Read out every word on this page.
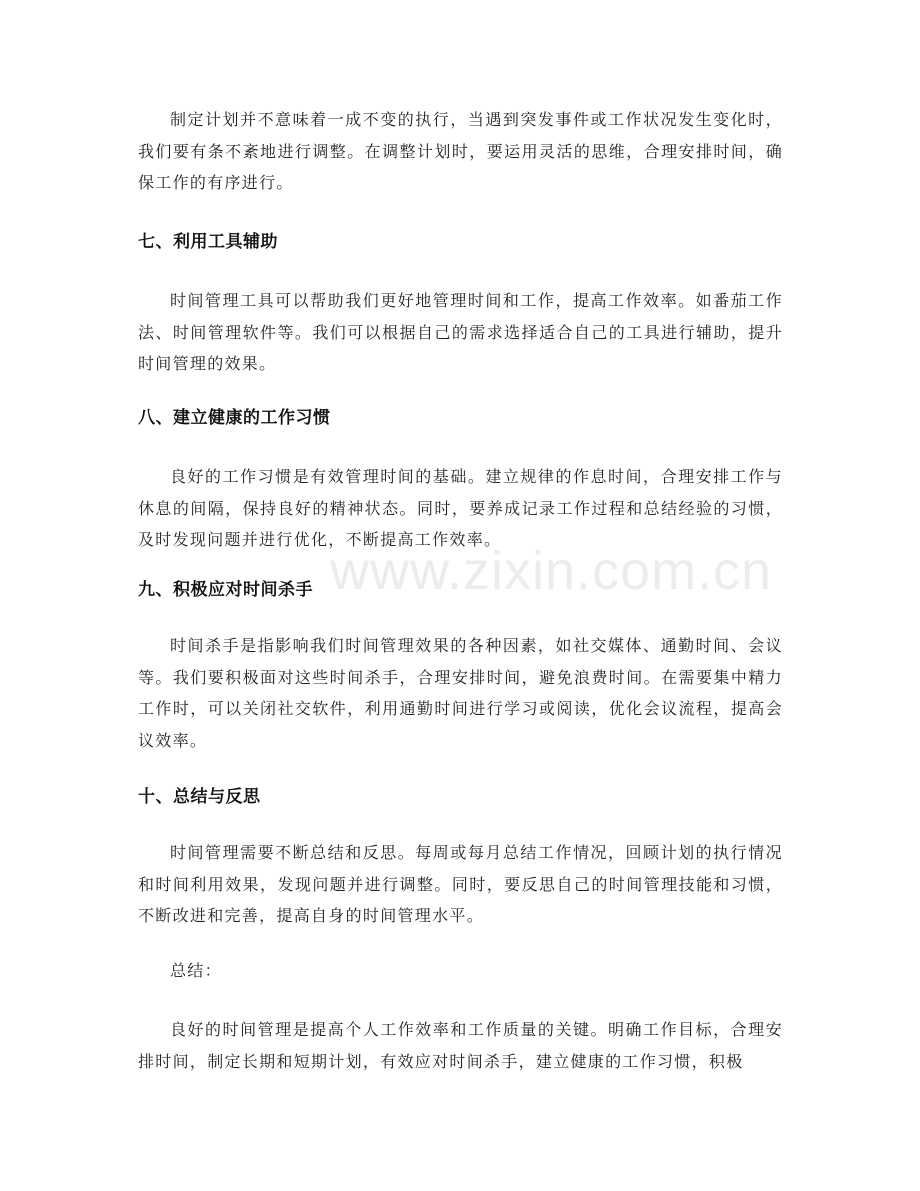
制定计划并不意味着一成不变的执行，当遇到突发事件或工作状况发生变化时，我们要有条不紊地进行调整。在调整计划时，要运用灵活的思维，合理安排时间，确保工作的有序进行。

七、利用工具辅助

时间管理工具可以帮助我们更好地管理时间和工作，提高工作效率。如番茄工作法、时间管理软件等。我们可以根据自己的需求选择适合自己的工具进行辅助，提升时间管理的效果。

八、建立健康的工作习惯

良好的工作习惯是有效管理时间的基础。建立规律的作息时间，合理安排工作与休息的间隔，保持良好的精神状态。同时，要养成记录工作过程和总结经验的习惯，及时发现问题并进行优化，不断提高工作效率。

九、积极应对时间杀手

时间杀手是指影响我们时间管理效果的各种因素，如社交媒体、通勤时间、会议等。我们要积极面对这些时间杀手，合理安排时间，避免浪费时间。在需要集中精力工作时，可以关闭社交软件，利用通勤时间进行学习或阅读，优化会议流程，提高会议效率。

十、总结与反思

时间管理需要不断总结和反思。每周或每月总结工作情况，回顾计划的执行情况和时间利用效果，发现问题并进行调整。同时，要反思自己的时间管理技能和习惯，不断改进和完善，提高自身的时间管理水平。

总结：

良好的时间管理是提高个人工作效率和工作质量的关键。明确工作目标，合理安排时间，制定长期和短期计划，有效应对时间杀手，建立健康的工作习惯，积极

www.zixin.com.cn
